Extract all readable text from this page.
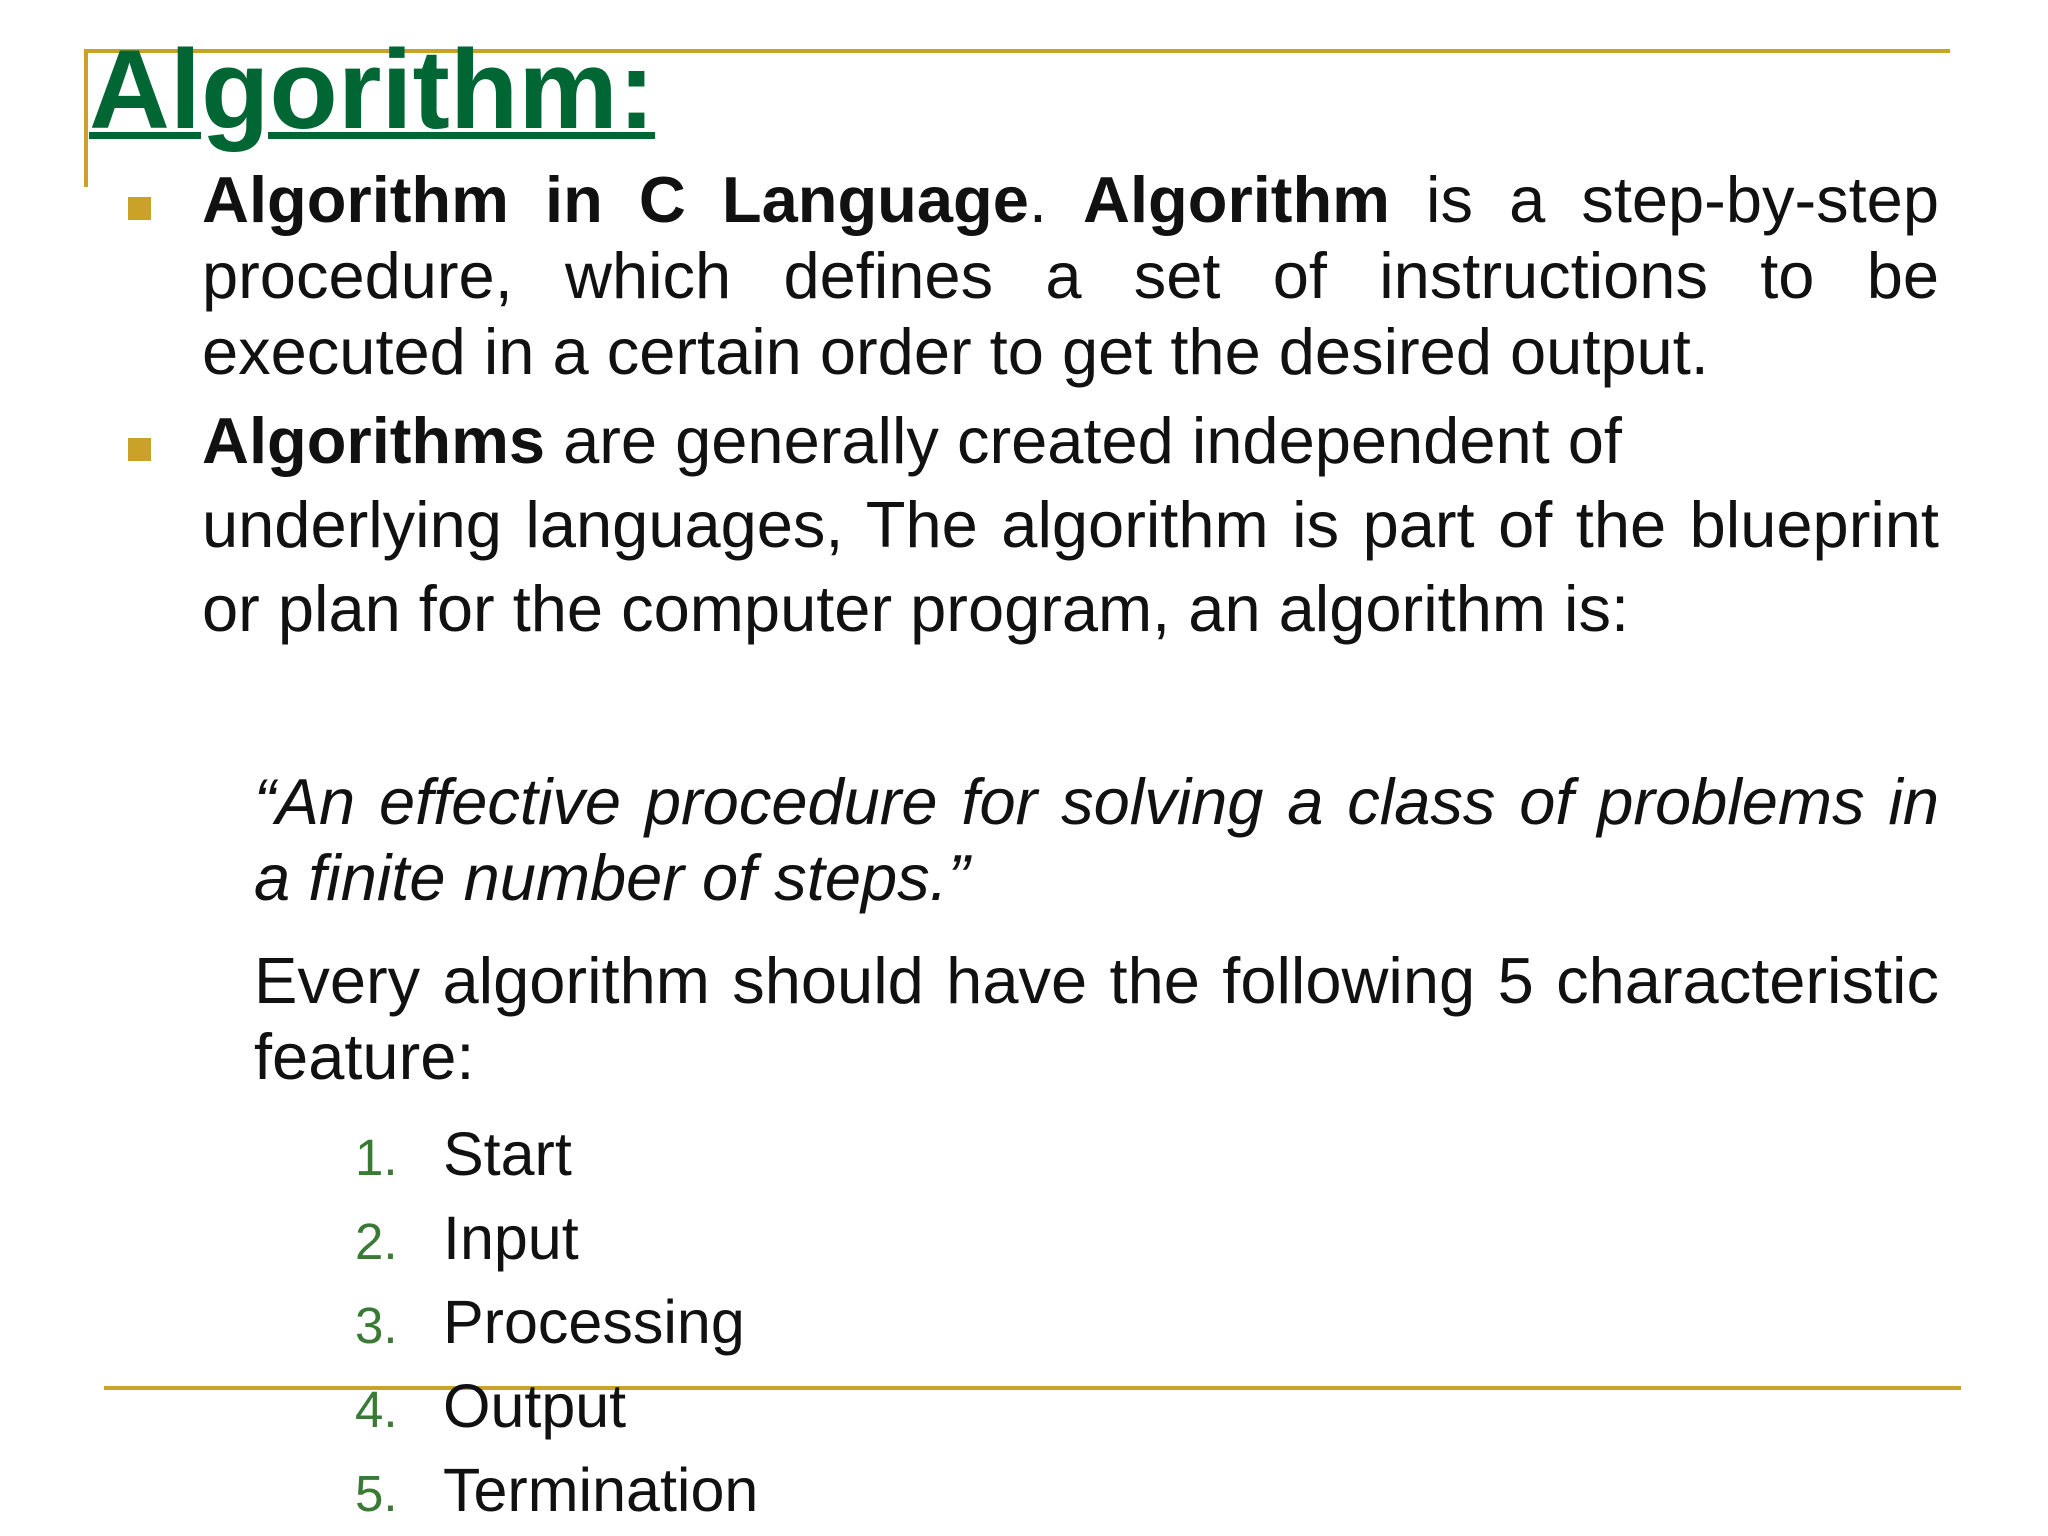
Algorithm:

Algorithm in C Language. Algorithm is a step-by-step procedure, which defines a set of instructions to be executed in a certain order to get the desired output.

Algorithms are generally created independent of
underlying languages, The algorithm is part of the blueprint or plan for the computer program, an algorithm is:

“An effective procedure for solving a class of problems in a finite number of steps.”

Every algorithm should have the following 5 characteristic feature:

1. Start
2. Input
3. Processing
4. Output
5. Termination
